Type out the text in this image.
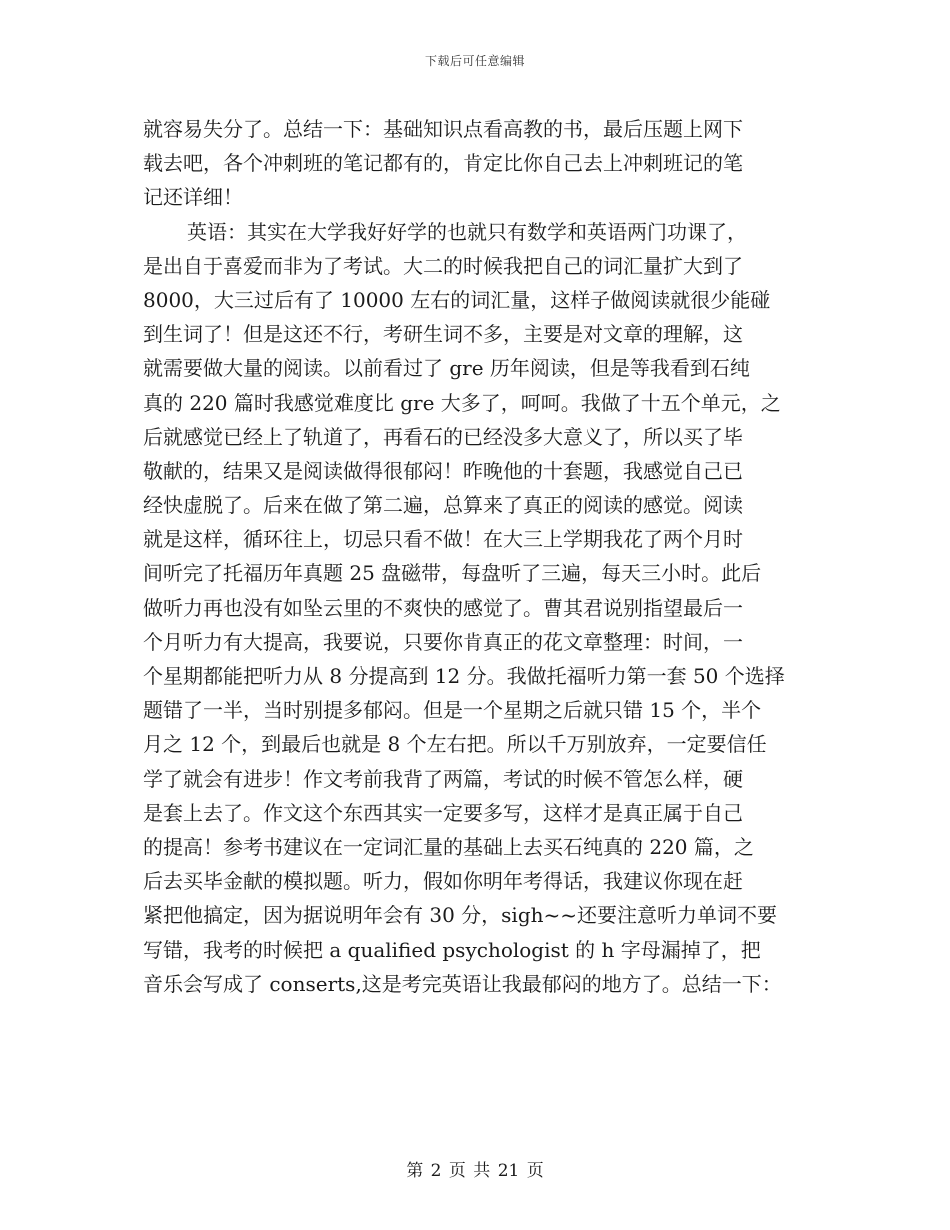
下载后可任意编辑
就容易失分了。总结一下：基础知识点看高教的书，最后压题上网下
载去吧，各个冲刺班的笔记都有的，肯定比你自己去上冲刺班记的笔
记还详细！
英语：其实在大学我好好学的也就只有数学和英语两门功课了，
是出自于喜爱而非为了考试。大二的时候我把自己的词汇量扩大到了
8000，大三过后有了 10000 左右的词汇量，这样子做阅读就很少能碰
到生词了！但是这还不行，考研生词不多，主要是对文章的理解，这
就需要做大量的阅读。以前看过了 gre 历年阅读，但是等我看到石纯
真的 220 篇时我感觉难度比 gre 大多了，呵呵。我做了十五个单元，之
后就感觉已经上了轨道了，再看石的已经没多大意义了，所以买了毕
敬献的，结果又是阅读做得很郁闷！昨晚他的十套题，我感觉自己已
经快虚脱了。后来在做了第二遍，总算来了真正的阅读的感觉。阅读
就是这样，循环往上，切忌只看不做！在大三上学期我花了两个月时
间听完了托福历年真题 25 盘磁带，每盘听了三遍，每天三小时。此后
做听力再也没有如坠云里的不爽快的感觉了。曹其君说别指望最后一
个月听力有大提高，我要说，只要你肯真正的花文章整理：时间，一
个星期都能把听力从 8 分提高到 12 分。我做托福听力第一套 50 个选择
题错了一半，当时别提多郁闷。但是一个星期之后就只错 15 个，半个
月之 12 个，到最后也就是 8 个左右把。所以千万别放弃，一定要信任
学了就会有进步！作文考前我背了两篇，考试的时候不管怎么样，硬
是套上去了。作文这个东西其实一定要多写，这样才是真正属于自己
的提高！参考书建议在一定词汇量的基础上去买石纯真的 220 篇，之
后去买毕金献的模拟题。听力，假如你明年考得话，我建议你现在赶
紧把他搞定，因为据说明年会有 30 分，sigh~~还要注意听力单词不要
写错，我考的时候把 a qualified psychologist 的 h 字母漏掉了，把
音乐会写成了 conserts,这是考完英语让我最郁闷的地方了。总结一下：
第 2 页 共 21 页
